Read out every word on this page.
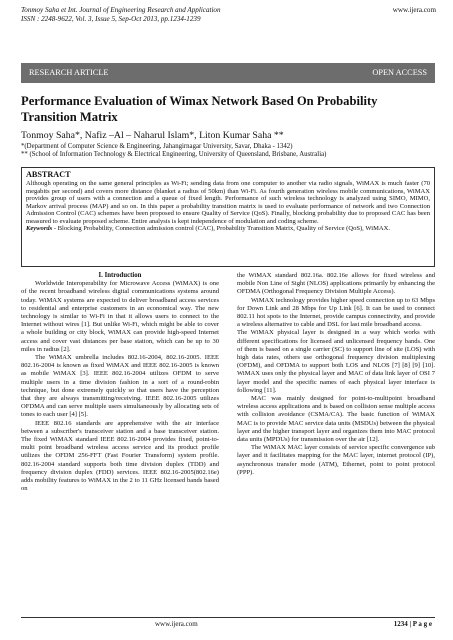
Tonmoy Saha et Int. Journal of Engineering Research and Application
ISSN : 2248-9622, Vol. 3, Issue 5, Sep-Oct 2013, pp.1234-1239
www.ijera.com
RESEARCH ARTICLE	OPEN ACCESS
Performance Evaluation of Wimax Network Based On Probability Transition Matrix
Tonmoy Saha*, Nafiz –Al – Naharul Islam*, Liton Kumar Saha **
*(Department of Computer Science & Engineering, Jahangirnagar University, Savar, Dhaka - 1342)
** (School of Information Technology & Electrical Engineering, University of Queensland, Brisbane, Australia)
ABSTRACT
Although operating on the same general principles as Wi-Fi; sending data from one computer to another via radio signals, WiMAX is much faster (70 megabits per second) and covers more distance (blanket a radius of 50km) than Wi-Fi. As fourth generation wireless mobile communications, WiMAX provides group of users with a connection and a queue of fixed length. Performance of such wireless technology is analyzed using SIMO, MIMO, Markov arrival process (MAP) and so on. In this paper a probability transition matrix is used to evaluate performance of network and two Connection Admission Control (CAC) schemes have been proposed to ensure Quality of Service (QoS). Finally, blocking probability due to proposed CAC has been measured to evaluate proposed scheme. Entire analysis is kept independence of modulation and coding scheme.
Keywords - Blocking Probability, Connection admission control (CAC), Probability Transition Matrix, Quality of Service (QoS), WiMAX.
I. Introduction

Worldwide Interoperability for Microwave Access (WiMAX) is one of the recent broadband wireless digital communications systems around today. WiMAX systems are expected to deliver broadband access services to residential and enterprise customers in an economical way. The new technology is similar to Wi-Fi in that it allows users to connect to the Internet without wires [1]. But unlike Wi-Fi, which might be able to cover a whole building or city block, WiMAX can provide high-speed Internet access and cover vast distances per base station, which can be up to 30 miles in radius [2].

The WiMAX umbrella includes 802.16-2004, 802.16-2005. IEEE 802.16-2004 is known as fixed WiMAX and IEEE 802.16-2005 is known as mobile WiMAX [3]. IEEE 802.16-2004 utilizes OFDM to serve multiple users in a time division fashion in a sort of a round-robin technique, but done extremely quickly so that users have the perception that they are always transmitting/receiving. IEEE 802.16-2005 utilizes OFDMA and can serve multiple users simultaneously by allocating sets of tones to each user [4] [5].

IEEE 802.16 standards are apprehensive with the air interface between a subscriber's transceiver station and a base transceiver station. The fixed WiMAX standard IEEE 802.16-2004 provides fixed, point-to-multi point broadband wireless access service and its product profile utilizes the OFDM 256-FFT (Fast Fourier Transform) system profile. 802.16-2004 standard supports both time division duplex (TDD) and frequency division duplex (FDD) services. IEEE 802.16-2005(802.16e) adds mobility features to WiMAX in the 2 to 11 GHz licensed bands based on

the WiMAX standard 802.16a. 802.16e allows for fixed wireless and mobile Non Line of Sight (NLOS) applications primarily by enhancing the OFDMA (Orthogonal Frequency Division Multiple Access).

WiMAX technology provides higher speed connection up to 63 Mbps for Down Link and 28 Mbps for Up Link [6]. It can be used to connect 802.11 hot spots to the Internet, provide campus connectivity, and provide a wireless alternative to cable and DSL for last mile broadband access.

The WiMAX physical layer is designed in a way which works with different specifications for licensed and unlicensed frequency bands. One of them is based on a single carrier (SC) to support line of site (LOS) with high data rates, others use orthogonal frequency division multiplexing (OFDM), and OFDMA to support both LOS and NLOS [7] [8] [9] [10]. WiMAX uses only the physical layer and MAC of data link layer of OSI 7 layer model and the specific names of each physical layer interface is following [11].

MAC was mainly designed for point-to-multipoint broadband wireless access applications and is based on collision sense multiple access with collision avoidance (CSMA/CA). The basic function of WiMAX MAC is to provide MAC service data units (MSDUs) between the physical layer and the higher transport layer and organizes them into MAC protocol data units (MPDUs) for transmission over the air [12].

The WiMAX MAC layer consists of service specific convergence sub layer and it facilitates mapping for the MAC layer, internet protocol (IP), asynchronous transfer mode (ATM), Ethernet, point to point protocol (PPP).

www.ijera.com	1234 | P a g e
